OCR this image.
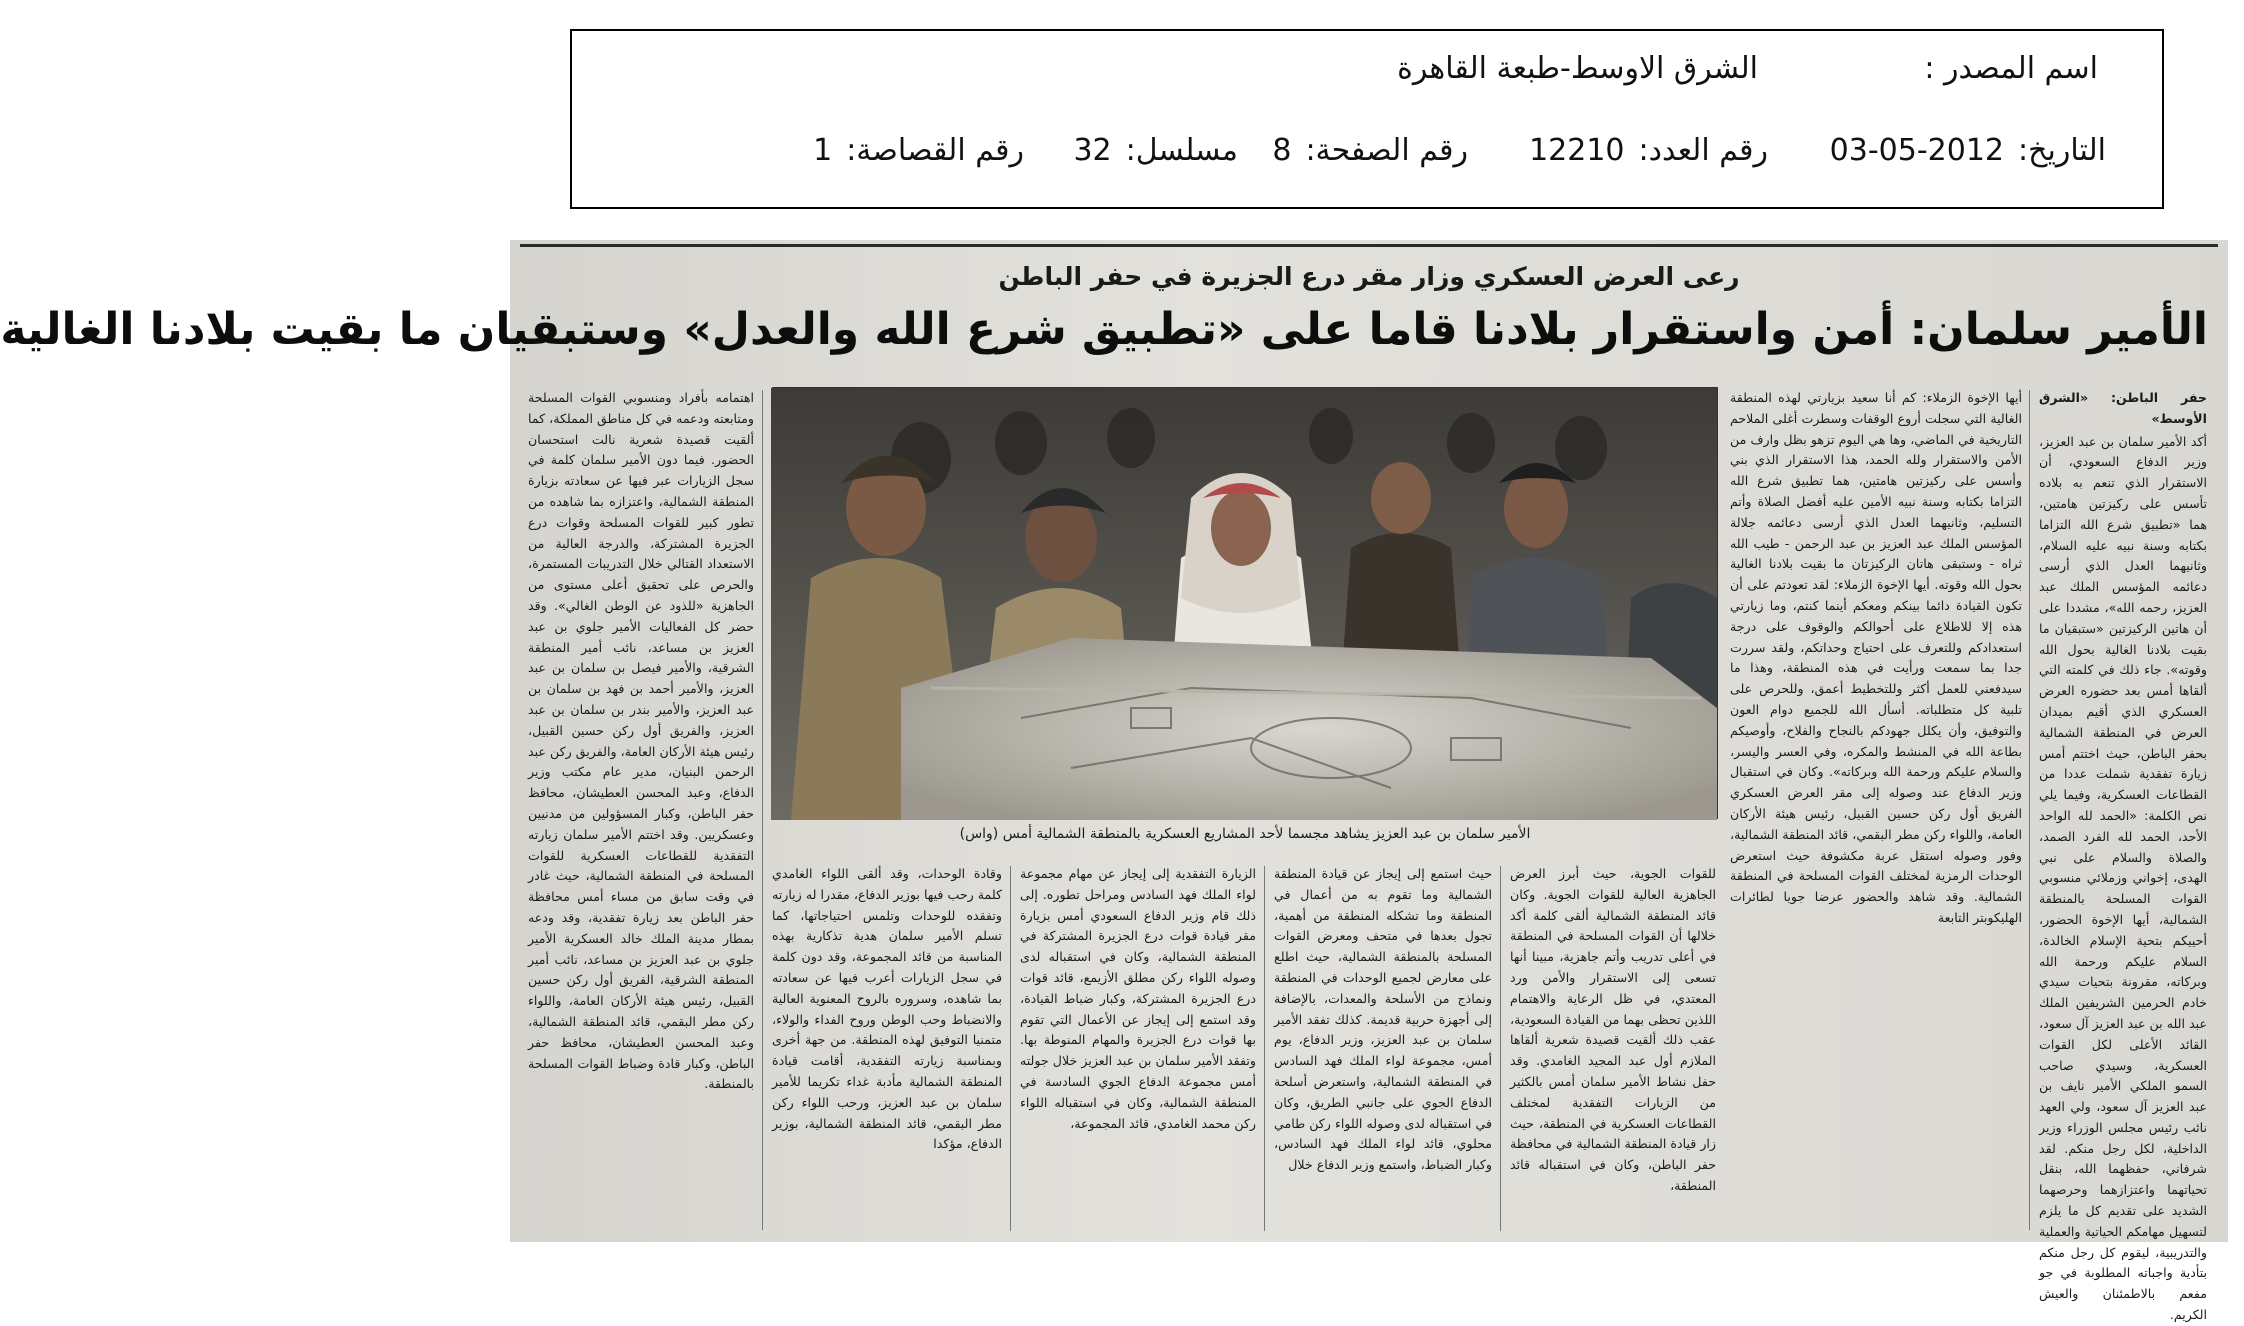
اسم المصدر :
الشرق الاوسط-طبعة القاهرة
التاريخ:2012-05-03
رقم العدد:12210
رقم الصفحة:8
مسلسل:32
رقم القصاصة:1
رعى العرض العسكري وزار مقر درع الجزيرة في حفر الباطن
الأمير سلمان: أمن واستقرار بلادنا قاما على «تطبيق شرع الله والعدل» وستبقيان ما بقيت بلادنا الغالية

حفر الباطن: «الشرق الأوسط»

أكد الأمير سلمان بن عبد العزيز، وزير الدفاع السعودي، أن الاستقرار الذي تنعم به بلاده تأسس على ركيزتين هامتين، هما «تطبيق شرع الله التزاما بكتابه وسنة نبيه عليه السلام، وثانيهما العدل الذي أرسى دعائمه المؤسس الملك عبد العزيز، رحمه الله»، مشددا على أن هاتين الركيزتين «ستبقيان ما بقيت بلادنا الغالية بحول الله وقوته». جاء ذلك في كلمته التي ألقاها أمس بعد حضوره العرض العسكري الذي أقيم بميدان العرض في المنطقة الشمالية بحفر الباطن، حيث اختتم أمس زيارة تفقدية شملت عددا من القطاعات العسكرية، وفيما يلي نص الكلمة: «الحمد لله الواحد الأحد، الحمد لله الفرد الصمد، والصلاة والسلام على نبي الهدى، إخواني وزملائي منسوبي القوات المسلحة بالمنطقة الشمالية، أيها الإخوة الحضور، أحييكم بتحية الإسلام الخالدة، السلام عليكم ورحمة الله وبركاته، مقرونة بتحيات سيدي خادم الحرمين الشريفين الملك عبد الله بن عبد العزيز آل سعود، القائد الأعلى لكل القوات العسكرية، وسيدي صاحب السمو الملكي الأمير نايف بن عبد العزيز آل سعود، ولي العهد نائب رئيس مجلس الوزراء وزير الداخلية، لكل رجل منكم. لقد شرفاني، حفظهما الله، بنقل تحياتهما واعتزازهما وحرصهما الشديد على تقديم كل ما يلزم لتسهيل مهامكم الحياتية والعملية والتدريبية، ليقوم كل رجل منكم بتأدية واجباته المطلوبة في جو مفعم بالاطمئنان والعيش الكريم.

أيها الإخوة الزملاء: كم أنا سعيد بزيارتي لهذه المنطقة الغالية التي سجلت أروع الوقفات وسطرت أغلى الملاحم التاريخية في الماضي، وها هي اليوم تزهو بظل وارف من الأمن والاستقرار ولله الحمد، هذا الاستقرار الذي بني وأسس على ركيزتين هامتين، هما تطبيق شرع الله التزاما بكتابه وسنة نبيه الأمين عليه أفضل الصلاة وأتم التسليم، وثانيهما العدل الذي أرسى دعائمه جلالة المؤسس الملك عبد العزيز بن عبد الرحمن - طيب الله ثراه - وستبقى هاتان الركيزتان ما بقيت بلادنا الغالية بحول الله وقوته. أيها الإخوة الزملاء: لقد تعودتم على أن تكون القيادة دائما بينكم ومعكم أينما كنتم، وما زيارتي هذه إلا للاطلاع على أحوالكم والوقوف على درجة استعدادكم وللتعرف على احتياج وحداتكم، ولقد سررت جدا بما سمعت ورأيت في هذه المنطقة، وهذا ما سيدفعني للعمل أكثر وللتخطيط أعمق، وللحرص على تلبية كل متطلباته. أسأل الله للجميع دوام العون والتوفيق، وأن يكلل جهودكم بالنجاح والفلاح، وأوصيكم بطاعة الله في المنشط والمكره، وفي العسر واليسر، والسلام عليكم ورحمة الله وبركاته». وكان في استقبال وزير الدفاع عند وصوله إلى مقر العرض العسكري الفريق أول ركن حسين القبيل، رئيس هيئة الأركان العامة، واللواء ركن مطر البقمي، قائد المنطقة الشمالية، وفور وصوله استقل عربة مكشوفة حيث استعرض الوحدات الرمزية لمختلف القوات المسلحة في المنطقة الشمالية. وقد شاهد والحضور عرضا جويا لطائرات الهليكوبتر التابعة

الأمير سلمان بن عبد العزيز يشاهد مجسما لأحد المشاريع العسكرية بالمنطقة الشمالية أمس (واس)

للقوات الجوية، حيث أبرز العرض الجاهزية العالية للقوات الجوية. وكان قائد المنطقة الشمالية ألقى كلمة أكد خلالها أن القوات المسلحة في المنطقة في أعلى تدريب وأتم جاهزية، مبينا أنها تسعى إلى الاستقرار والأمن ورد المعتدي، في ظل الرعاية والاهتمام اللذين تحظى بهما من القيادة السعودية، عقب ذلك ألقيت قصيدة شعرية ألقاها الملازم أول عبد المجيد الغامدي. وقد حفل نشاط الأمير سلمان أمس بالكثير من الزيارات التفقدية لمختلف القطاعات العسكرية في المنطقة، حيث زار قيادة المنطقة الشمالية في محافظة حفر الباطن، وكان في استقباله قائد المنطقة،

حيث استمع إلى إيجاز عن قيادة المنطقة الشمالية وما تقوم به من أعمال في المنطقة وما تشكله المنطقة من أهمية، تجول بعدها في متحف ومعرض القوات المسلحة بالمنطقة الشمالية، حيث اطلع على معارض لجميع الوحدات في المنطقة ونماذج من الأسلحة والمعدات، بالإضافة إلى أجهزة حربية قديمة. كذلك تفقد الأمير سلمان بن عبد العزيز، وزير الدفاع، يوم أمس، مجموعة لواء الملك فهد السادس في المنطقة الشمالية، واستعرض أسلحة الدفاع الجوي على جانبي الطريق، وكان في استقباله لدى وصوله اللواء ركن طامي محلوي، قائد لواء الملك فهد السادس، وكبار الضباط، واستمع وزير الدفاع خلال

الزيارة التفقدية إلى إيجاز عن مهام مجموعة لواء الملك فهد السادس ومراحل تطوره. إلى ذلك قام وزير الدفاع السعودي أمس بزيارة مقر قيادة قوات درع الجزيرة المشتركة في المنطقة الشمالية، وكان في استقباله لدى وصوله اللواء ركن مطلق الأزيمع، قائد قوات درع الجزيرة المشتركة، وكبار ضباط القيادة، وقد استمع إلى إيجاز عن الأعمال التي تقوم بها قوات درع الجزيرة والمهام المنوطة بها. وتفقد الأمير سلمان بن عبد العزيز خلال جولته أمس مجموعة الدفاع الجوي السادسة في المنطقة الشمالية، وكان في استقباله اللواء ركن محمد الغامدي، قائد المجموعة،

وقادة الوحدات، وقد ألقى اللواء الغامدي كلمة رحب فيها بوزير الدفاع، مقدرا له زيارته وتفقده للوحدات وتلمس احتياجاتها، كما تسلم الأمير سلمان هدية تذكارية بهذه المناسبة من قائد المجموعة، وقد دون كلمة في سجل الزيارات أعرب فيها عن سعادته بما شاهده، وسروره بالروح المعنوية العالية والانضباط وحب الوطن وروح الفداء والولاء، متمنيا التوفيق لهذه المنطقة. من جهة أخرى وبمناسبة زيارته التفقدية، أقامت قيادة المنطقة الشمالية مأدبة غداء تكريما للأمير سلمان بن عبد العزيز، ورحب اللواء ركن مطر البقمي، قائد المنطقة الشمالية، بوزير الدفاع، مؤكدا

اهتمامه بأفراد ومنسوبي القوات المسلحة ومتابعته ودعمه في كل مناطق المملكة، كما ألقيت قصيدة شعرية نالت استحسان الحضور. فيما دون الأمير سلمان كلمة في سجل الزيارات عبر فيها عن سعادته بزيارة المنطقة الشمالية، واعتزازه بما شاهده من تطور كبير للقوات المسلحة وقوات درع الجزيرة المشتركة، والدرجة العالية من الاستعداد القتالي خلال التدريبات المستمرة، والحرص على تحقيق أعلى مستوى من الجاهزية «للذود عن الوطن الغالي». وقد حضر كل الفعاليات الأمير جلوي بن عبد العزيز بن مساعد، نائب أمير المنطقة الشرقية، والأمير فيصل بن سلمان بن عبد العزيز، والأمير أحمد بن فهد بن سلمان بن عبد العزيز، والأمير بندر بن سلمان بن عبد العزيز، والفريق أول ركن حسين القبيل، رئيس هيئة الأركان العامة، والفريق ركن عبد الرحمن البنيان، مدير عام مكتب وزير الدفاع، وعبد المحسن العطيشان، محافظ حفر الباطن، وكبار المسؤولين من مدنيين وعسكريين. وقد اختتم الأمير سلمان زيارته التفقدية للقطاعات العسكرية للقوات المسلحة في المنطقة الشمالية، حيث غادر في وقت سابق من مساء أمس محافظة حفر الباطن بعد زيارة تفقدية، وقد ودعه بمطار مدينة الملك خالد العسكرية الأمير جلوي بن عبد العزيز بن مساعد، نائب أمير المنطقة الشرقية، الفريق أول ركن حسين القبيل، رئيس هيئة الأركان العامة، واللواء ركن مطر البقمي، قائد المنطقة الشمالية، وعبد المحسن العطيشان، محافظ حفر الباطن، وكبار قادة وضباط القوات المسلحة بالمنطقة.
